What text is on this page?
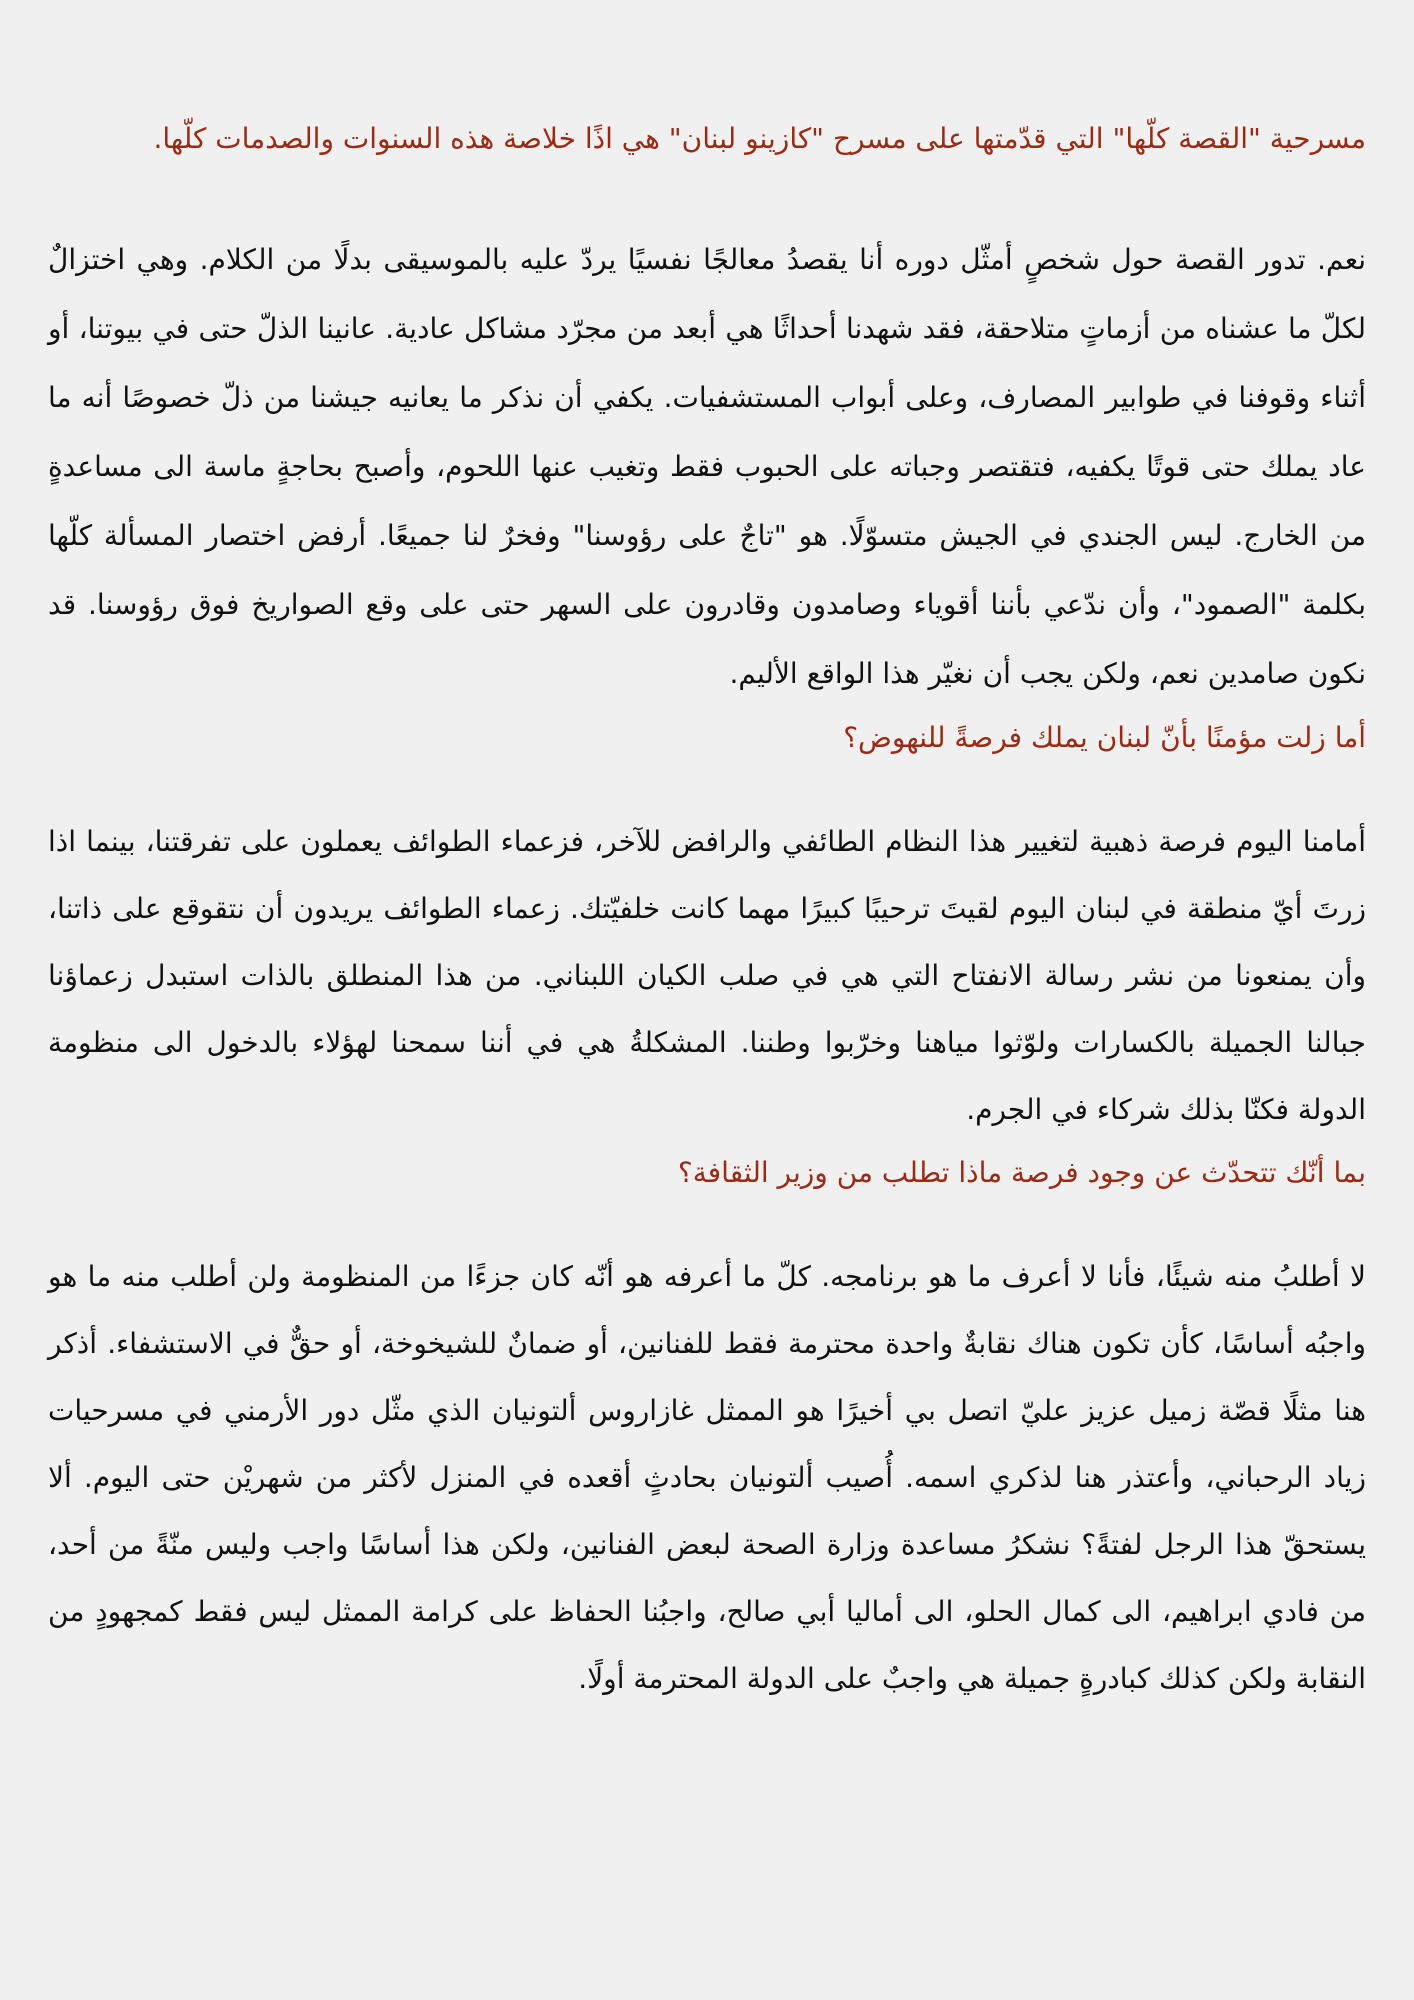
مسرحية "القصة كلّها" التي قدّمتها على مسرح "كازينو لبنان" هي اذًا خلاصة هذه السنوات والصدمات كلّها.

نعم. تدور القصة حول شخصٍ أمثّل دوره أنا يقصدُ معالجًا نفسيًا يردّ عليه بالموسيقى بدلًا من الكلام. وهي اختزالٌ لكلّ ما عشناه من أزماتٍ متلاحقة، فقد شهدنا أحداثًا هي أبعد من مجرّد مشاكل عادية. عانينا الذلّ حتى في بيوتنا، أو أثناء وقوفنا في طوابير المصارف، وعلى أبواب المستشفيات. يكفي أن نذكر ما يعانيه جيشنا من ذلّ خصوصًا أنه ما عاد يملك حتى قوتًا يكفيه، فتقتصر وجباته على الحبوب فقط وتغيب عنها اللحوم، وأصبح بحاجةٍ ماسة الى مساعدةٍ من الخارج. ليس الجندي في الجيش متسوّلًا. هو "تاجٌ على رؤوسنا" وفخرٌ لنا جميعًا. أرفض اختصار المسألة كلّها بكلمة "الصمود"، وأن ندّعي بأننا أقوياء وصامدون وقادرون على السهر حتى على وقع الصواريخ فوق رؤوسنا. قد نكون صامدين نعم، ولكن يجب أن نغيّر هذا الواقع الأليم.

أما زلت مؤمنًا بأنّ لبنان يملك فرصةً للنهوض؟

أمامنا اليوم فرصة ذهبية لتغيير هذا النظام الطائفي والرافض للآخر، فزعماء الطوائف يعملون على تفرقتنا، بينما اذا زرتَ أيّ منطقة في لبنان اليوم لقيتَ ترحيبًا كبيرًا مهما كانت خلفيّتك. زعماء الطوائف يريدون أن نتقوقع على ذاتنا، وأن يمنعونا من نشر رسالة الانفتاح التي هي في صلب الكيان اللبناني. من هذا المنطلق بالذات استبدل زعماؤنا جبالنا الجميلة بالكسارات ولوّثوا مياهنا وخرّبوا وطننا. المشكلةُ هي في أننا سمحنا لهؤلاء بالدخول الى منظومة الدولة فكنّا بذلك شركاء في الجرم.

بما أنّك تتحدّث عن وجود فرصة ماذا تطلب من وزير الثقافة؟

لا أطلبُ منه شيئًا، فأنا لا أعرف ما هو برنامجه. كلّ ما أعرفه هو أنّه كان جزءًا من المنظومة ولن أطلب منه ما هو واجبُه أساسًا، كأن تكون هناك نقابةٌ واحدة محترمة فقط للفنانين، أو ضمانٌ للشيخوخة، أو حقٌّ في الاستشفاء. أذكر هنا مثلًا قصّة زميل عزيز عليّ اتصل بي أخيرًا هو الممثل غازاروس ألتونيان الذي مثّل دور الأرمني في مسرحيات زياد الرحباني، وأعتذر هنا لذكري اسمه. أُصيب ألتونيان بحادثٍ أقعده في المنزل لأكثر من شهريْن حتى اليوم. ألا يستحقّ هذا الرجل لفتةً؟ نشكرُ مساعدة وزارة الصحة لبعض الفنانين، ولكن هذا أساسًا واجب وليس منّةً من أحد، من فادي ابراهيم، الى كمال الحلو، الى أماليا أبي صالح، واجبُنا الحفاظ على كرامة الممثل ليس فقط كمجهودٍ من النقابة ولكن كذلك كبادرةٍ جميلة هي واجبٌ على الدولة المحترمة أولًا.
